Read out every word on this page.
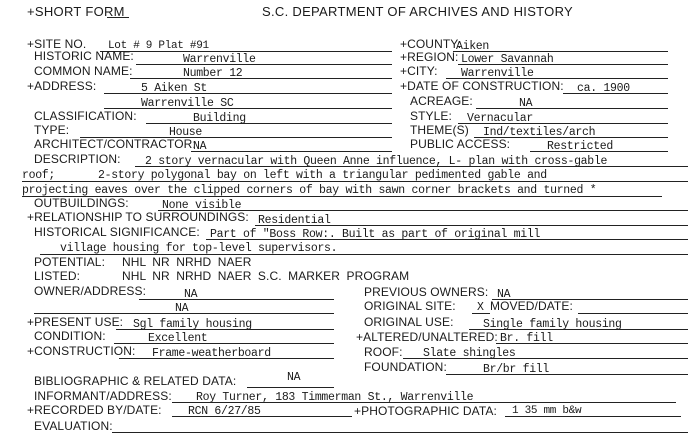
+SHORT FORM	S.C. DEPARTMENT OF ARCHIVES AND HISTORY
+SITE NO. Lot # 9 Plat #91	+COUNTY:
Aiken
HISTORIC NAME:	Warrenville	+REGION: Lower Savannah
COMMON NAME:	Number 12	+CITY: Warrenville
+ADDRESS:	5 Aiken St	+DATE OF CONSTRUCTION: ca. 1900
Warrenville SC	ACREAGE:	NA
CLASSIFICATION:	Building	STYLE: Vernacular
TYPE:	House	THEME(S) Ind/textiles/arch
ARCHITECT/CONTRACTOR:
NA	PUBLIC ACCESS:	Restricted
DESCRIPTION: 2 story vernacular with Queen Anne influence, L- plan with cross-gable
roof;	2-story polygonal bay on left with a triangular pedimented gable and
projecting eaves over the clipped corners of bay with sawn corner brackets and turned *
OUTBUILDINGS:	None visible
+RELATIONSHIP TO SURROUNDINGS: Residential
HISTORICAL SIGNIFICANCE: Part of "Boss Row:. Built as part of original mill
village housing for top-level supervisors.
POTENTIAL: NHL NR NRHD NAER
LISTED:	NHL NR NRHD NAER S.C. MARKER PROGRAM
OWNER/ADDRESS:	NA	PREVIOUS OWNERS: NA
NA	ORIGINAL SITE: X MOVED/DATE:
+PRESENT USE: Sgl family housing	ORIGINAL USE:	Single family housing
CONDITION:	Excellent	+ALTERED/UNALTERED: Br. fill
+CONSTRUCTION: Frame-weatherboard	ROOF: Slate shingles
FOUNDATION:	Br/br fill
BIBLIOGRAPHIC & RELATED DATA:	NA
INFORMANT/ADDRESS: Roy Turner, 183 Timmerman St., Warrenville
+RECORDED BY/DATE: RCN 6/27/85	+PHOTOGRAPHIC DATA: 1 35 mm b&w
EVALUATION:
